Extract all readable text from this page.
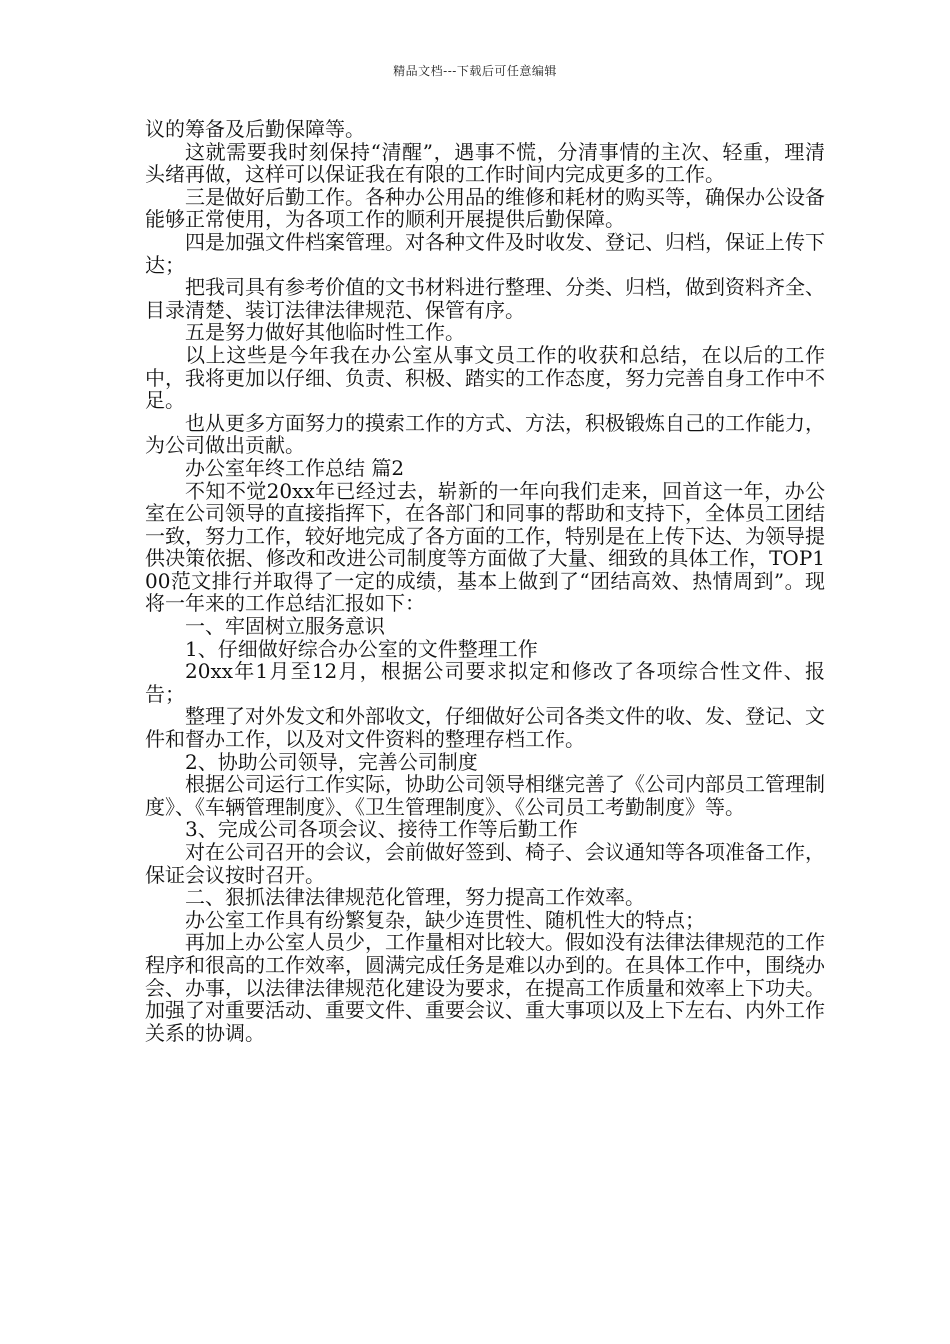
精品文档---下载后可任意编辑

议的筹备及后勤保障等。

这就需要我时刻保持“清醒”，遇事不慌，分清事情的主次、轻重，理清头绪再做，这样可以保证我在有限的工作时间内完成更多的工作。

三是做好后勤工作。各种办公用品的维修和耗材的购买等，确保办公设备能够正常使用，为各项工作的顺利开展提供后勤保障。

四是加强文件档案管理。对各种文件及时收发、登记、归档，保证上传下达；

把我司具有参考价值的文书材料进行整理、分类、归档，做到资料齐全、目录清楚、装订法律法律规范、保管有序。

五是努力做好其他临时性工作。

以上这些是今年我在办公室从事文员工作的收获和总结，在以后的工作中，我将更加以仔细、负责、积极、踏实的工作态度，努力完善自身工作中不足。

也从更多方面努力的摸索工作的方式、方法，积极锻炼自己的工作能力，为公司做出贡献。

办公室年终工作总结 篇2

不知不觉20xx年已经过去，崭新的一年向我们走来，回首这一年，办公室在公司领导的直接指挥下，在各部门和同事的帮助和支持下，全体员工团结一致，努力工作，较好地完成了各方面的工作，特别是在上传下达、为领导提供决策依据、修改和改进公司制度等方面做了大量、细致的具体工作，TOP100范文排行并取得了一定的成绩，基本上做到了“团结高效、热情周到”。现将一年来的工作总结汇报如下：

一、牢固树立服务意识

1、仔细做好综合办公室的文件整理工作

20xx年1月至12月，根据公司要求拟定和修改了各项综合性文件、报告；

整理了对外发文和外部收文，仔细做好公司各类文件的收、发、登记、文件和督办工作，以及对文件资料的整理存档工作。

2、协助公司领导，完善公司制度

根据公司运行工作实际，协助公司领导相继完善了《公司内部员工管理制度》、《车辆管理制度》、《卫生管理制度》、《公司员工考勤制度》等。

3、完成公司各项会议、接待工作等后勤工作

对在公司召开的会议，会前做好签到、椅子、会议通知等各项准备工作，保证会议按时召开。

二、狠抓法律法律规范化管理，努力提高工作效率。

办公室工作具有纷繁复杂，缺少连贯性、随机性大的特点；

再加上办公室人员少，工作量相对比较大。假如没有法律法律规范的工作程序和很高的工作效率，圆满完成任务是难以办到的。在具体工作中，围绕办会、办事，以法律法律规范化建设为要求，在提高工作质量和效率上下功夫。加强了对重要活动、重要文件、重要会议、重大事项以及上下左右、内外工作关系的协调。
